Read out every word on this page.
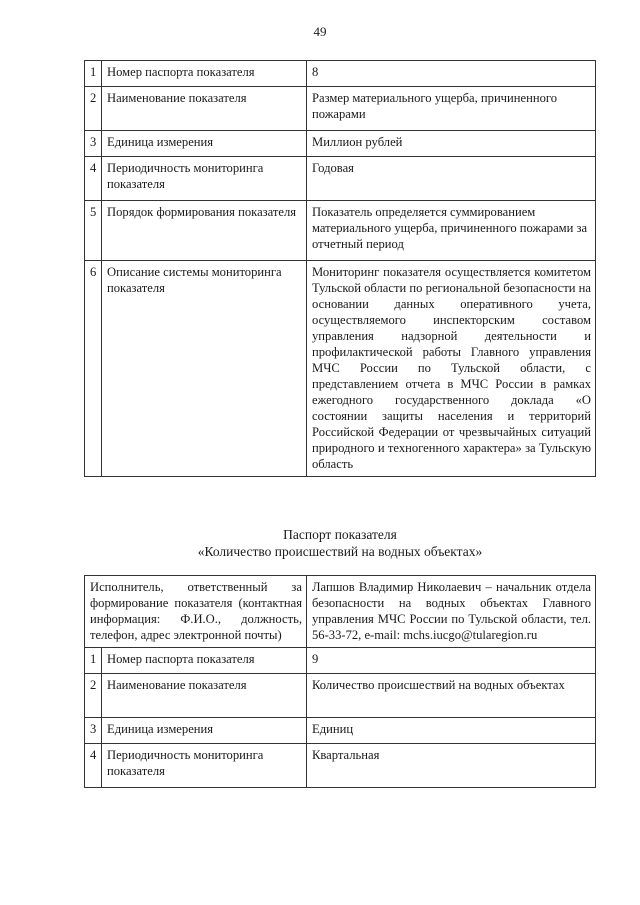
49
1	Номер паспорта показателя	8
2	Наименование показателя	Размер материального ущерба, причиненного пожарами
3	Единица измерения	Миллион рублей
4	Периодичность мониторинга показателя	Годовая
5	Порядок формирования показателя	Показатель определяется суммированием материального ущерба, причиненного пожарами за отчетный период
6	Описание системы мониторинга показателя	Мониторинг показателя осуществляется комитетом Тульской области по региональной безопасности на основании данных оперативного учета, осуществляемого инспекторским составом управления надзорной деятельности и профилактической работы Главного управления МЧС России по Тульской области, с представлением отчета в МЧС России в рамках ежегодного государственного доклада «О состоянии защиты населения и территорий Российской Федерации от чрезвычайных ситуаций природного и техногенного характера» за Тульскую область
Паспорт показателя
«Количество происшествий на водных объектах»
Исполнитель, ответственный за формирование показателя (контактная информация: Ф.И.О., должность, телефон, адрес электронной почты)		Лапшов Владимир Николаевич – начальник отдела безопасности на водных объектах Главного управления МЧС России по Тульской области, тел. 56-33-72, e-mail: mchs.iucgo@tularegion.ru
1	Номер паспорта показателя	9
2	Наименование показателя	Количество происшествий на водных объектах
3	Единица измерения	Единиц
4	Периодичность мониторинга показателя	Квартальная
